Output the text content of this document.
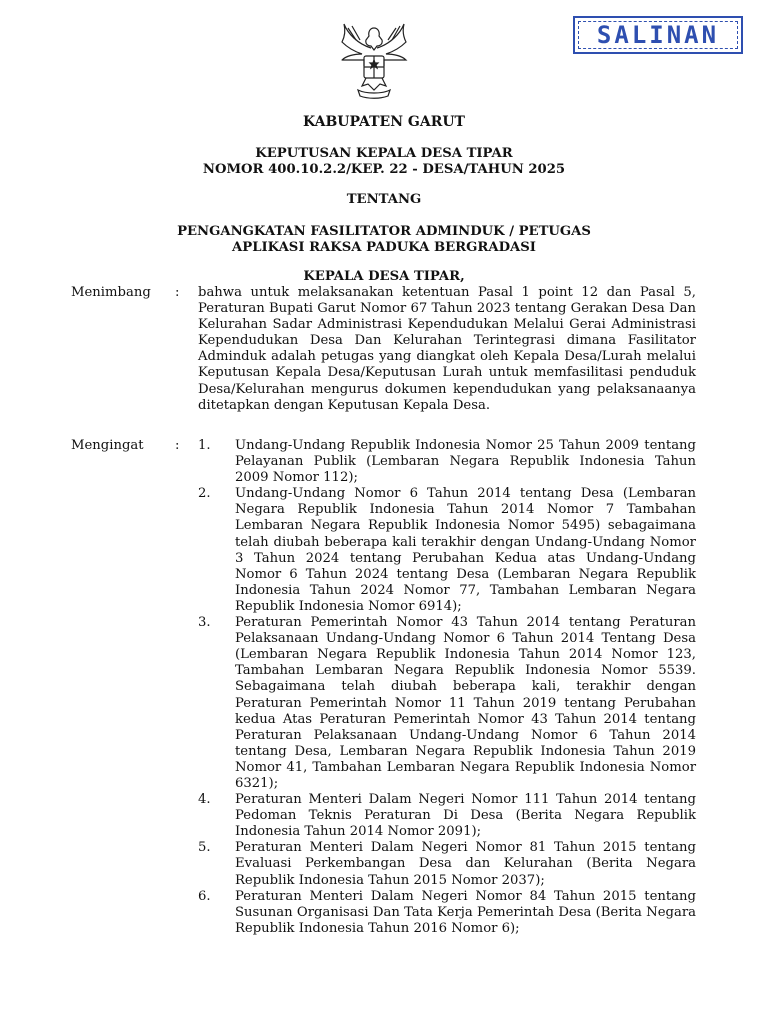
SALINAN
KABUPATEN GARUT
KEPUTUSAN KEPALA DESA TIPAR
NOMOR 400.10.2.2/KEP. 22 - DESA/TAHUN 2025
TENTANG
PENGANGKATAN FASILITATOR ADMINDUK / PETUGAS
APLIKASI RAKSA PADUKA BERGRADASI
KEPALA DESA TIPAR,
Menimbang : bahwa untuk melaksanakan ketentuan Pasal 1 point 12 dan Pasal 5, Peraturan Bupati Garut Nomor 67 Tahun 2023 tentang Gerakan Desa Dan Kelurahan Sadar Administrasi Kependudukan Melalui Gerai Administrasi Kependudukan Desa Dan Kelurahan Terintegrasi dimana Fasilitator Adminduk adalah petugas yang diangkat oleh Kepala Desa/Lurah melalui Keputusan Kepala Desa/Keputusan Lurah untuk memfasilitasi penduduk Desa/Kelurahan mengurus dokumen kependudukan yang pelaksanaanya ditetapkan dengan Keputusan Kepala Desa.
Mengingat : 1. Undang-Undang Republik Indonesia Nomor 25 Tahun 2009 tentang Pelayanan Publik (Lembaran Negara Republik Indonesia Tahun 2009 Nomor 112);
2. Undang-Undang Nomor 6 Tahun 2014 tentang Desa (Lembaran Negara Republik Indonesia Tahun 2014 Nomor 7 Tambahan Lembaran Negara Republik Indonesia Nomor 5495) sebagaimana telah diubah beberapa kali terakhir dengan Undang-Undang Nomor 3 Tahun 2024 tentang Perubahan Kedua atas Undang-Undang Nomor 6 Tahun 2024 tentang Desa (Lembaran Negara Republik Indonesia Tahun 2024 Nomor 77, Tambahan Lembaran Negara Republik Indonesia Nomor 6914);
3. Peraturan Pemerintah Nomor 43 Tahun 2014 tentang Peraturan Pelaksanaan Undang-Undang Nomor 6 Tahun 2014 Tentang Desa (Lembaran Negara Republik Indonesia Tahun 2014 Nomor 123, Tambahan Lembaran Negara Republik Indonesia Nomor 5539. Sebagaimana telah diubah beberapa kali, terakhir dengan Peraturan Pemerintah Nomor 11 Tahun 2019 tentang Perubahan kedua Atas Peraturan Pemerintah Nomor 43 Tahun 2014 tentang Peraturan Pelaksanaan Undang-Undang Nomor 6 Tahun 2014 tentang Desa, Lembaran Negara Republik Indonesia Tahun 2019 Nomor 41, Tambahan Lembaran Negara Republik Indonesia Nomor 6321);
4. Peraturan Menteri Dalam Negeri Nomor 111 Tahun 2014 tentang Pedoman Teknis Peraturan Di Desa (Berita Negara Republik Indonesia Tahun 2014 Nomor 2091);
5. Peraturan Menteri Dalam Negeri Nomor 81 Tahun 2015 tentang Evaluasi Perkembangan Desa dan Kelurahan (Berita Negara Republik Indonesia Tahun 2015 Nomor 2037);
6. Peraturan Menteri Dalam Negeri Nomor 84 Tahun 2015 tentang Susunan Organisasi Dan Tata Kerja Pemerintah Desa (Berita Negara Republik Indonesia Tahun 2016 Nomor 6);
